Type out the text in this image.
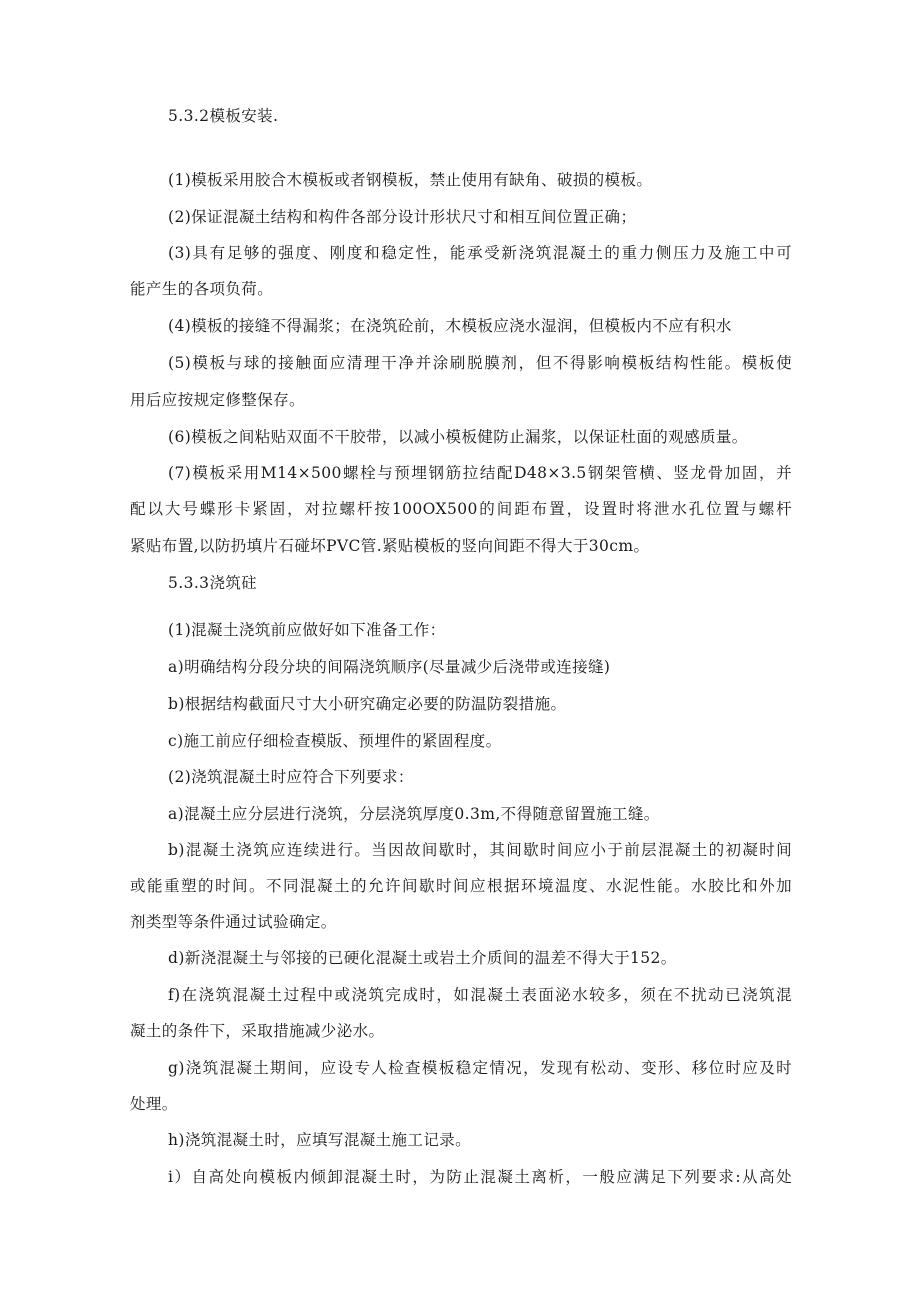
5.3.2模板安装.
(1)模板采用胶合木模板或者钢模板，禁止使用有缺角、破损的模板。
(2)保证混凝土结构和构件各部分设计形状尺寸和相互间位置正确；
(3)具有足够的强度、刚度和稳定性，能承受新浇筑混凝土的重力侧压力及施工中可
能产生的各项负荷。
(4)模板的接缝不得漏浆；在浇筑砼前，木模板应浇水湿润，但模板内不应有积水
(5)模板与球的接触面应清理干净并涂刷脱膜剂，但不得影响模板结构性能。模板使
用后应按规定修整保存。
(6)模板之间粘贴双面不干胶带，以减小模板健防止漏浆，以保证杜面的观感质量。
(7)模板采用M14×500螺栓与预埋钢筋拉结配D48×3.5钢架管横、竖龙骨加固，并
配以大号蝶形卡紧固，对拉螺杆按100OX500的间距布置，设置时将泄水孔位置与螺杆
紧贴布置,以防扔填片石碰坏PVC管.紧贴模板的竖向间距不得大于30cm。
5.3.3浇筑砫
(1)混凝土浇筑前应做好如下准备工作：
a)明确结构分段分块的间隔浇筑顺序(尽量减少后浇带或连接缝)
b)根据结构截面尺寸大小研究确定必要的防温防裂措施。
c)施工前应仔细检查模版、预埋件的紧固程度。
(2)浇筑混凝土时应符合下列要求：
a)混凝土应分层进行浇筑，分层浇筑厚度0.3m,不得随意留置施工缝。
b)混凝土浇筑应连续进行。当因故间歇时，其间歇时间应小于前层混凝土的初凝时间
或能重塑的时间。不同混凝土的允许间歇时间应根据环境温度、水泥性能。水胶比和外加
剂类型等条件通过试验确定。
d)新浇混凝土与邻接的已硬化混凝土或岩土介质间的温差不得大于152。
f)在浇筑混凝土过程中或浇筑完成时，如混凝土表面泌水较多，须在不扰动已浇筑混
凝土的条件下，采取措施减少泌水。
g)浇筑混凝土期间，应设专人检查模板稳定情况，发现有松动、变形、移位时应及时
处理。
h)浇筑混凝土时，应填写混凝土施工记录。
i）自高处向模板内倾卸混凝土时，为防止混凝土离析，一般应满足下列要求:从高处
